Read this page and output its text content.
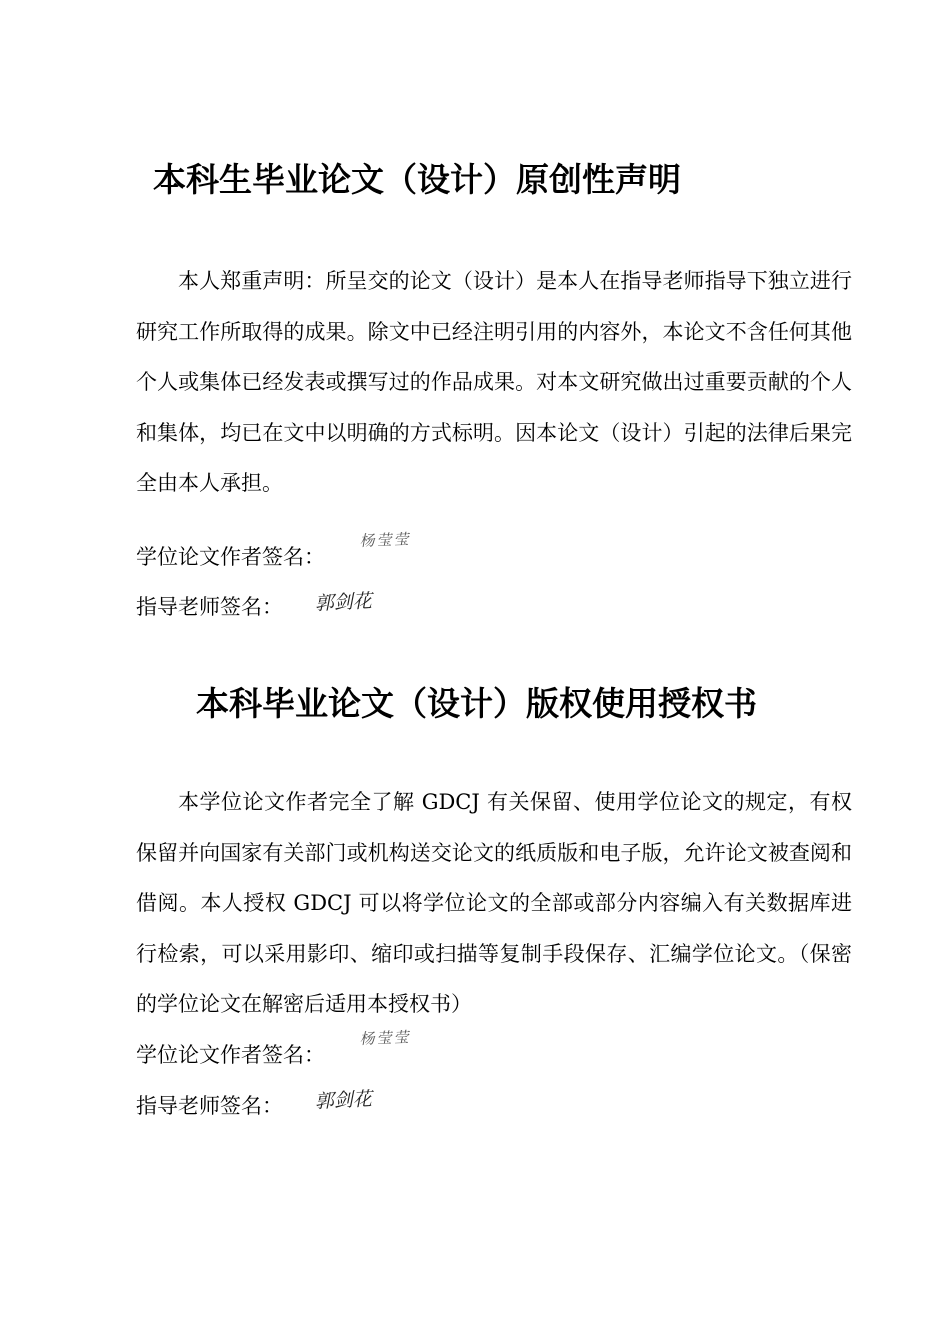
本科生毕业论文（设计）原创性声明

本人郑重声明：所呈交的论文（设计）是本人在指导老师指导下独立进行研究工作所取得的成果。除文中已经注明引用的内容外，本论文不含任何其他个人或集体已经发表或撰写过的作品成果。对本文研究做出过重要贡献的个人和集体，均已在文中以明确的方式标明。因本论文（设计）引起的法律后果完全由本人承担。

学位论文作者签名：
杨莹莹
指导老师签名： 郭剑花
本科毕业论文（设计）版权使用授权书

本学位论文作者完全了解 GDCJ 有关保留、使用学位论文的规定，有权保留并向国家有关部门或机构送交论文的纸质版和电子版，允许论文被查阅和借阅。本人授权 GDCJ 可以将学位论文的全部或部分内容编入有关数据库进行检索，可以采用影印、缩印或扫描等复制手段保存、汇编学位论文。（保密的学位论文在解密后适用本授权书）

学位论文作者签名：
杨莹莹
指导老师签名： 郭剑花
